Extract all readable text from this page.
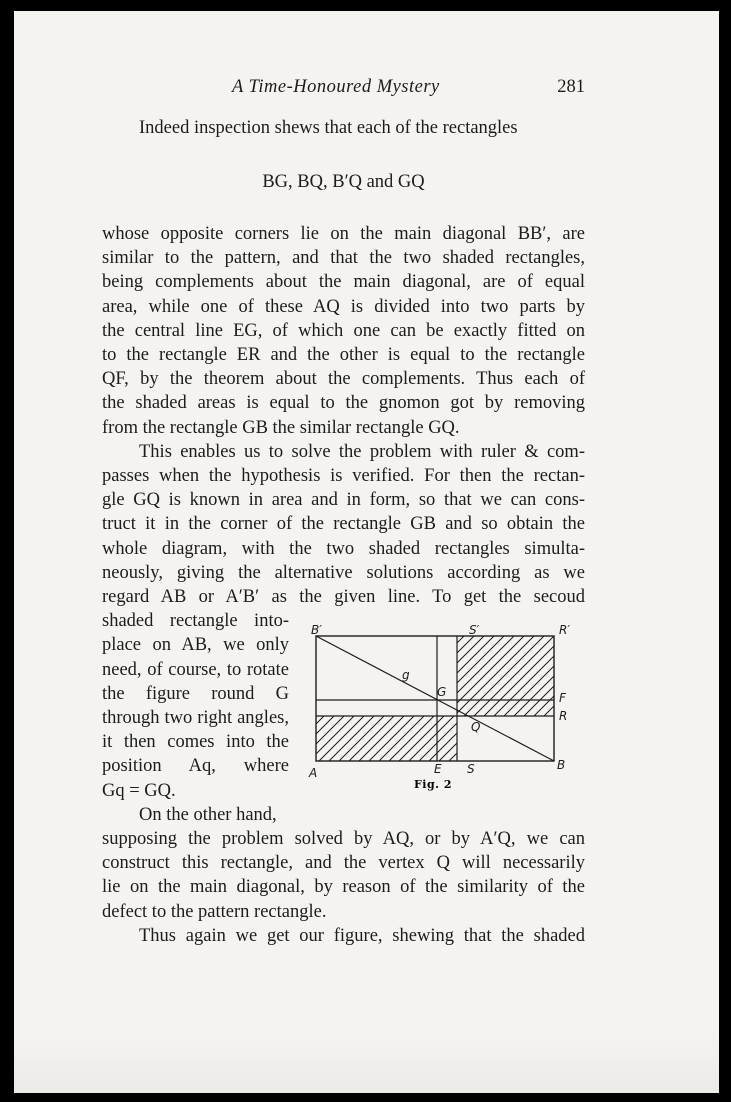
A Time-Honoured Mystery	281
Indeed inspection shews that each of the rectangles
BG, BQ, B′Q and GQ
whose opposite corners lie on the main diagonal BB′, are
similar to the pattern, and that the two shaded rectangles,
being complements about the main diagonal, are of equal
area, while one of these AQ is divided into two parts by
the central line EG, of which one can be exactly fitted on
to the rectangle ER and the other is equal to the rectangle
QF, by the theorem about the complements. Thus each of
the shaded areas is equal to the gnomon got by removing
from the rectangle GB the similar rectangle GQ.
This enables us to solve the problem with ruler & com-
passes when the hypothesis is verified. For then the rectan-
gle GQ is known in area and in form, so that we can cons-
truct it in the corner of the rectangle GB and so obtain the
whole diagram, with the two shaded rectangles simulta-
neously, giving the alternative solutions according as we
regard AB or A′B′ as the given line. To get the secoud
shaded rectangle into-
place on AB, we only
need, of course, to rotate
the figure round G
through two right angles,
it then comes into the
position Aq, where
Gq = GQ.
On the other hand,
supposing the problem solved by AQ, or by A′Q, we can
construct this rectangle, and the vertex Q will necessarily
lie on the main diagonal, by reason of the similarity of the
defect to the pattern rectangle.
Thus again we get our figure, shewing that the shaded
B′	S′	R′
g
G	F
Q
R
A	E S	B
Fig. 2
